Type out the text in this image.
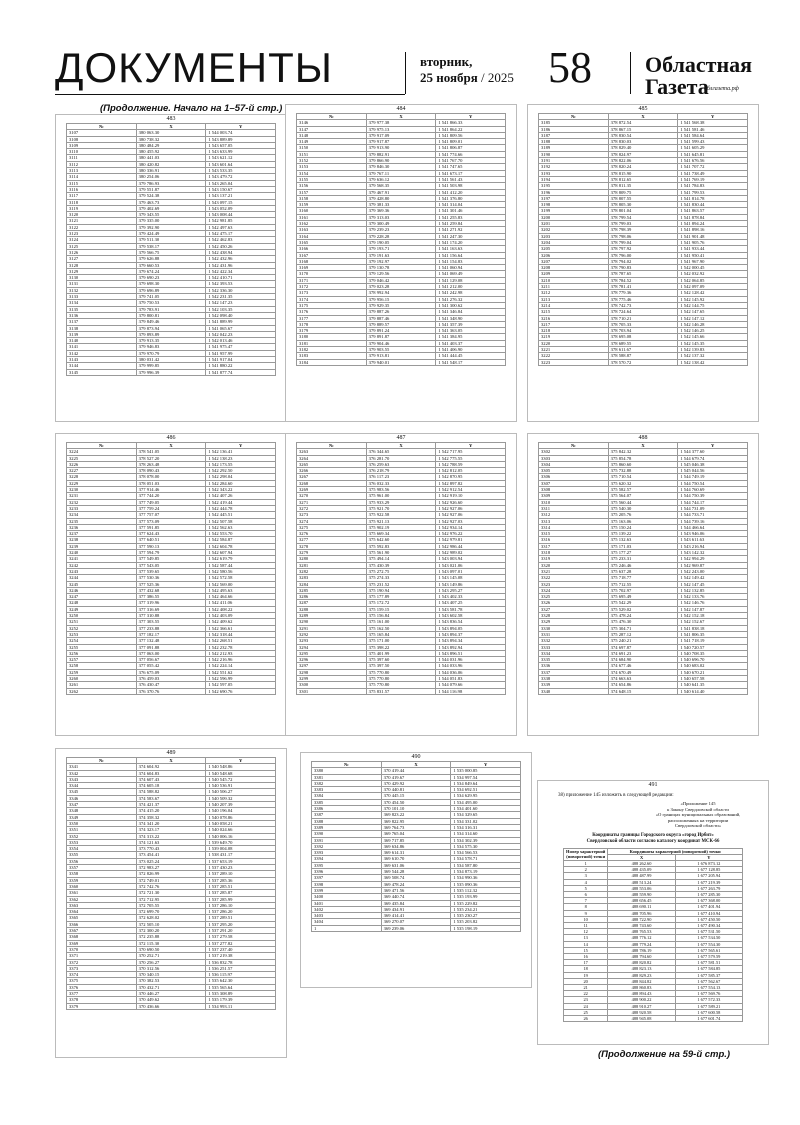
ДОКУМЕНТЫ	вторник,
25 ноября / 2025 58 Областная
Газета
облгазета.рф
(Продолжение. Начало на 1–57-й стр.)
483
№	X	Y
3107	380 063.30	1 544 003.74
3108	380 738.32	1 543 889.89
3109	380 484.29	1 543 657.05
3110	380 455.92	1 543 633.99
3111	380 441.03	1 543 621.12
3112	380 420.82	1 543 601.64
3113	380 336.91	1 543 533.35
3114	380 254.06	1 543 479.72
3115	379 786.93	1 543 265.04
3116	379 551.87	1 543 150.67
3117	379 524.38	1 543 137.21
3118	379 463.73	1 543 097.15
3119	379 402.69	1 543 052.09
3120	379 343.55	1 543 008.44
3121	379 335.00	1 542 981.85
3122	379 392.90	1 542 497.63
3123	379 424.49	1 542 475.17
3124	379 511.30	1 542 462.83
3125	379 538.17	1 542 450.26
3126	379 566.75	1 542 438.94
3127	379 626.88	1 542 432.96
3128	379 660.53	1 542 431.96
3129	379 674.24	1 542 422.34
3130	379 690.23	1 542 410.71
3131	379 698.30	1 542 393.53
3132	379 696.89	1 542 336.30
3133	379 741.05	1 542 231.35
3134	379 750.53	1 542 147.23
3135	379 783.91	1 542 103.35
3136	379 800.81	1 542 098.40
3137	379 849.46	1 541 889.99
3138	379 873.94	1 541 065.67
3139	379 893.89	1 542 042.23
3140	379 913.35	1 542 013.46
3141	379 946.83	1 541 975.47
3142	379 970.79	1 541 957.99
3143	380 031.42	1 541 917.04
3144	379 999.85	1 541 880.22
3145	379 996.39	1 541 877.74
484
№	X	Y
3146	379 977.38	1 541 866.33
3147	379 975.13	1 541 864.22
3148	379 917.09	1 541 809.56
3149	379 917.87	1 541 809.01
3150	379 913.90	1 541 806.87
3151	379 882.91	1 541 774.66
3152	379 866.90	1 541 767.70
3153	379 846.30	1 541 747.65
3154	379 767.11	1 541 673.17
3155	379 636.12	1 541 561.43
3156	379 568.35	1 541 503.98
3157	379 467.91	1 541 412.20
3158	379 428.80	1 541 376.80
3159	379 381.33	1 541 314.04
3160	379 369.36	1 541 301.46
3161	379 313.03	1 541 255.83
3162	379 300.49	1 541 259.84
3163	379 239.23	1 541 271.92
3164	379 228.28	1 541 247.30
3165	379 190.05	1 541 174.20
3166	379 193.71	1 541 163.63
3167	379 191.63	1 541 156.64
3168	379 192.97	1 541 154.83
3169	379 130.78	1 541 060.94
3170	379 129.56	1 541 069.49
3171	379 046.42	1 541 129.08
3172	379 023.28	1 541 212.00
3173	378 992.94	1 541 242.98
3174	379 956.15	1 541 276.32
3175	379 929.35	1 541 300.62
3176	379 887.26	1 541 346.84
3177	379 887.46	1 541 348.90
3178	379 889.57	1 541 357.39
3179	379 891.24	1 541 363.05
3180	379 891.87	1 541 384.95
3181	379 904.46	1 541 403.37
3182	379 903.55	1 541 406.90
3183	379 913.81	1 541 444.45
3184	379 940.01	1 541 548.17
485
№	X	Y
3185	378 872.54	1 541 568.38
3186	378 867.15	1 541 581.46
3187	378 830.54	1 541 584.64
3188	378 830.03	1 541 599.43
3189	378 829.40	1 541 605.29
3190	378 824.97	1 541 645.81
3191	378 822.06	1 541 676.56
3192	378 820.24	1 541 707.72
3193	378 815.90	1 541 738.49
3194	378 812.65	1 541 769.19
3195	378 811.35	1 541 784.83
3196	378 809.75	1 541 799.53
3197	378 807.55	1 541 814.78
3198	378 805.30	1 541 830.44
3199	378 801.04	1 541 863.57
3200	378 799.54	1 541 878.84
3201	378 799.03	1 541 894.24
3202	378 798.39	1 541 898.16
3203	378 798.06	1 541 901.48
3204	378 799.04	1 541 905.76
3205	378 797.92	1 541 933.44
3206	378 796.00	1 541 950.41
3207	378 794.02	1 541 967.90
3208	378 790.83	1 542 000.45
3209	378 787.65	1 542 032.92
3210	378 784.52	1 542 064.85
3211	378 781.41	1 542 097.09
3212	378 779.36	1 542 128.42
3213	378 775.46	1 542 145.92
3214	378 742.73	1 542 144.75
3215	378 724.64	1 542 147.65
3216	378 710.21	1 542 147.12
3217	378 705.33	1 542 146.28
3218	378 703.94	1 542 146.25
3219	378 695.08	1 542 145.66
3220	378 689.55	1 542 145.35
3221	378 611.67	1 542 139.83
3222	378 588.87	1 542 137.32
3223	378 570.72	1 542 138.42
486
№	X	Y
3224	378 541.05	1 542 136.41
3225	378 527.20	1 542 138.23
3226	378 263.48	1 542 173.55
3227	378 090.43	1 542 292.50
3228	378 078.00	1 542 298.04
3229	378 051.03	1 542 284.60
3230	377 914.46	1 542 343.22
3231	377 744.20	1 542 407.26
3232	377 749.05	1 542 419.44
3233	377 759.24	1 542 444.78
3234	377 757.07	1 542 445.51
3235	377 573.09	1 542 507.58
3236	377 591.85	1 542 562.63
3237	377 624.43	1 542 553.70
3238	377 640.51	1 542 584.87
3239	377 590.13	1 542 604.78
3240	377 594.79	1 542 607.94
3241	377 549.85	1 542 619.79
3242	377 543.05	1 542 587.44
3243	377 539.65	1 542 580.56
3244	377 530.36	1 542 572.58
3245	377 525.36	1 542 569.00
3246	377 432.68	1 542 495.63
3247	377 386.55	1 542 464.66
3248	377 319.96	1 542 411.06
3249	377 316.69	1 542 408.22
3250	377 310.88	1 542 403.09
3251	377 303.55	1 542 409.62
3252	377 233.88	1 542 366.61
3253	377 182.17	1 542 318.44
3254	377 132.48	1 542 268.51
3255	377 091.88	1 542 232.78
3256	377 063.00	1 542 212.93
3257	377 056.67	1 542 216.96
3258	377 055.42	1 542 224.14
3259	376 675.09	1 542 551.62
3260	376 459.03	1 542 596.99
3261	376 430.47	1 542 597.05
3262	376 370.76	1 542 690.76
487
№	X	Y
3263	376 344.65	1 542 717.95
3264	376 281.70	1 542 775.55
3265	376 259.63	1 542 788.59
3266	376 218.79	1 542 812.05
3267	376 117.23	1 542 870.95
3268	376 032.33	1 542 897.82
3269	375 983.56	1 542 912.54
3270	375 961.00	1 542 919.10
3271	375 933.29	1 542 926.60
3272	375 921.70	1 542 927.06
3273	375 922.58	1 542 927.06
3274	375 921.13	1 542 927.03
3275	375 902.19	1 542 934.14
3276	375 669.34	1 542 976.22
3277	375 642.60	1 542 979.81
3278	375 592.83	1 542 986.44
3279	375 561.90	1 542 989.02
3280	375 494.14	1 543 003.94
3281	375 430.39	1 543 021.06
3282	375 272.75	1 543 097.01
3283	375 274.33	1 543 145.08
3284	375 231.52	1 543 149.86
3285	375 190.94	1 543 295.27
3286	375 177.89	1 543 402.33
3287	375 172.72	1 543 407.25
3288	375 159.15	1 543 581.78
3289	375 156.84	1 543 602.58
3290	375 161.00	1 543 836.54
3291	375 162.50	1 543 894.05
3292	375 165.84	1 543 894.37
3293	375 171.00	1 543 894.34
3294	375 398.22	1 543 892.94
3295	375 401.99	1 543 896.51
3296	375 397.60	1 544 031.96
3297	375 397.50	1 544 033.96
3298	375 770.80	1 544 036.06
3299	375 770.80	1 544 051.83
3300	375 770.80	1 544 079.66
3301	375 831.57	1 544 116.98
488
№	X	Y
3302	375 842.32	1 544 377.60
3303	375 854.78	1 544 679.74
3304	375 860.60	1 545 046.38
3305	375 732.88	1 545 044.56
3306	375 710.54	1 544 749.19
3307	375 620.32	1 544 750.54
3308	375 582.57	1 544 760.69
3309	375 564.07	1 544 750.39
3310	375 560.44	1 544 744.17
3311	375 540.30	1 544 731.09
3312	375 205.76	1 544 733.71
3313	375 163.06	1 544 739.16
3314	375 150.24	1 544 466.64
3315	375 139.22	1 543 946.06
3316	375 132.63	1 543 611.63
3317	375 171.03	1 543 216.94
3318	375 177.27	1 543 142.32
3319	375 233.31	1 542 994.29
3320	375 246.46	1 542 969.87
3321	375 637.28	1 542 243.00
3322	375 718.77	1 542 149.42
3323	375 712.55	1 542 147.45
3324	375 702.97	1 542 132.85
3325	375 695.49	1 542 133.76
3326	375 542.29	1 542 146.76
3327	375 529.02	1 542 147.87
3328	375 478.24	1 542 152.18
3329	375 476.30	1 542 152.67
3330	375 304.71	1 541 838.18
3331	375 287.12	1 541 806.35
3332	375 240.21	1 541 718.19
3333	374 697.87	1 540 720.57
3334	374 691.23	1 540 708.35
3335	374 684.90	1 540 696.70
3336	374 677.46	1 540 683.02
3337	374 670.49	1 540 670.21
3338	374 663.63	1 540 657.58
3339	374 654.86	1 540 641.35
3340	374 648.15	1 540 614.40
489
№	X	Y
3341	374 604.92	1 540 548.86
3342	374 604.83	1 540 548.68
3343	374 607.43	1 540 545.72
3344	374 605.18	1 540 536.91
3345	374 588.82	1 540 506.27
3346	374 583.67	1 540 509.32
3347	374 421.37	1 540 207.39
3348	374 415.20	1 540 196.04
3349	374 358.32	1 540 078.86
3350	374 341.20	1 540 058.21
3351	374 323.17	1 540 024.66
3352	374 313.22	1 540 006.16
3353	374 121.63	1 539 649.70
3354	373 770.43	1 539 004.08
3355	373 454.41	1 538 431.17
3356	373 025.24	1 537 653.19
3357	372 983.27	1 537 430.23
3358	372 826.99	1 537 289.10
3359	372 749.01	1 537 285.36
3360	372 742.76	1 537 285.51
3361	372 721.30	1 537 285.87
3362	372 712.95	1 537 285.99
3363	372 705.55	1 537 286.10
3364	372 699.70	1 537 286.20
3365	372 628.02	1 537 289.51
3366	372 505.10	1 537 295.20
3367	372 300.20	1 537 291.20
3368	372 235.88	1 537 279.58
3369	372 115.30	1 537 277.82
3370	370 690.50	1 537 237.40
3371	370 252.71	1 537 219.38
3372	370 256.27	1 536 832.78
3373	370 312.56	1 536 251.57
3374	370 340.15	1 536 115.97
3375	370 382.53	1 535 642.30
3376	370 432.71	1 535 565.64
3377	370 446.27	1 535 308.89
3378	370 449.62	1 535 179.39
3379	370 436.66	1 534 993.11
490
№	X	Y
3380	370 419.44	1 535 000.85
3381	370 419.67	1 534 997.54
3382	370 429.92	1 534 849.64
3383	370 440.81	1 534 692.51
3384	370 445.15	1 534 629.95
3385	370 454.50	1 534 495.00
3386	370 101.10	1 534 401.60
3387	369 823.22	1 534 329.65
3388	369 822.95	1 534 331.02
3389	369 764.73	1 534 316.31
3390	369 765.04	1 534 314.60
3391	369 717.85	1 534 302.39
3392	369 634.86	1 534 575.30
3393	369 614.31	1 534 566.53
3394	369 610.70	1 534 578.71
3395	369 631.06	1 534 587.80
3396	369 544.28	1 534 873.19
3397	369 508.74	1 534 990.36
3398	369 478.24	1 535 090.36
3399	369 471.56	1 535 112.32
3400	369 440.74	1 535 193.99
3401	369 435.84	1 535 229.82
3402	369 434.91	1 535 234.21
3403	369 414.41	1 535 230.27
3404	369 270.07	1 535 203.82
1	369 239.06	1 535 198.19
491
38) приложение 145 изложить в следующей редакции:
«Приложение 145
к Закону Свердловской области
«О границах муниципальных образований,
расположенных на территории
Свердловской области»
Координаты границы Городского округа «город Ирбит»
Свердловской области согласно каталогу координат МСК-66
Номер характерной (поворотной) точки	Координаты характерной (поворотной) точки	
	X	Y
1	488 262.60	1 676 873.12
2	488 435.09	1 677 128.85
3	488 487.99	1 677 205.94
4	488 513.24	1 677 219.39
5	488 553.06	1 677 263.79
6	488 559.90	1 677 285.30
7	488 656.45	1 677 368.00
8	488 690.11	1 677 401.94
9	488 705.96	1 677 410.94
10	488 722.90	1 677 450.50
11	488 743.60	1 677 490.34
12	488 765.53	1 677 531.50
13	488 776.12	1 677 534.50
14	488 779.24	1 677 554.30
15	488 786.19	1 677 565.61
16	488 794.60	1 677 579.59
17	488 820.82	1 677 581.51
18	488 823.13	1 677 584.85
19	488 829.23	1 677 585.37
20	488 844.82	1 677 562.67
21	488 860.83	1 677 554.13
22	488 894.43	1 677 569.76
23	488 900.22	1 677 572.33
24	488 910.27	1 677 589.21
25	488 920.58	1 677 600.58
26	488 945.08	1 677 601.74
(Продолжение на 59-й стр.)
